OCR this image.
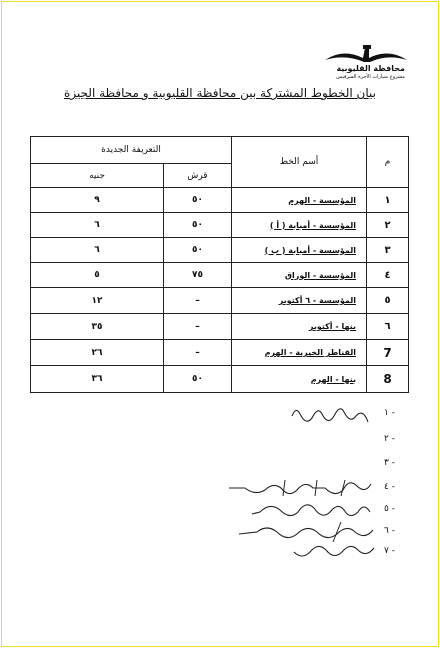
محافظة القليوبية
مشروع سيارات الأجرة السرفيس
بيان الخطوط المشتركة بين محافظة القليوبية و محافظة الجيزة
م	أسم الخط	التعريفة الجديدة	
		قرش	جنيه
١	المؤسسة - الهرم	٥٠	٩
٢	المؤسسة - أمبابة ( أ )	٥٠	٦
٣	المؤسسة - أمبابة ( ب )	٥٠	٦
٤	المؤسسة - الوراق	٧٥	٥
٥	المؤسسة - ٦ أكتوبر	–	١٢
٦	بنها - أكتوبر	–	٣٥
7	القناطر الخيرية - الهرم	–	٢٦
8	بنها - الهرم	٥٠	٣٦
١ -
٢ -
٣ -
٤ -
٥ -
٦ -
٧ -
